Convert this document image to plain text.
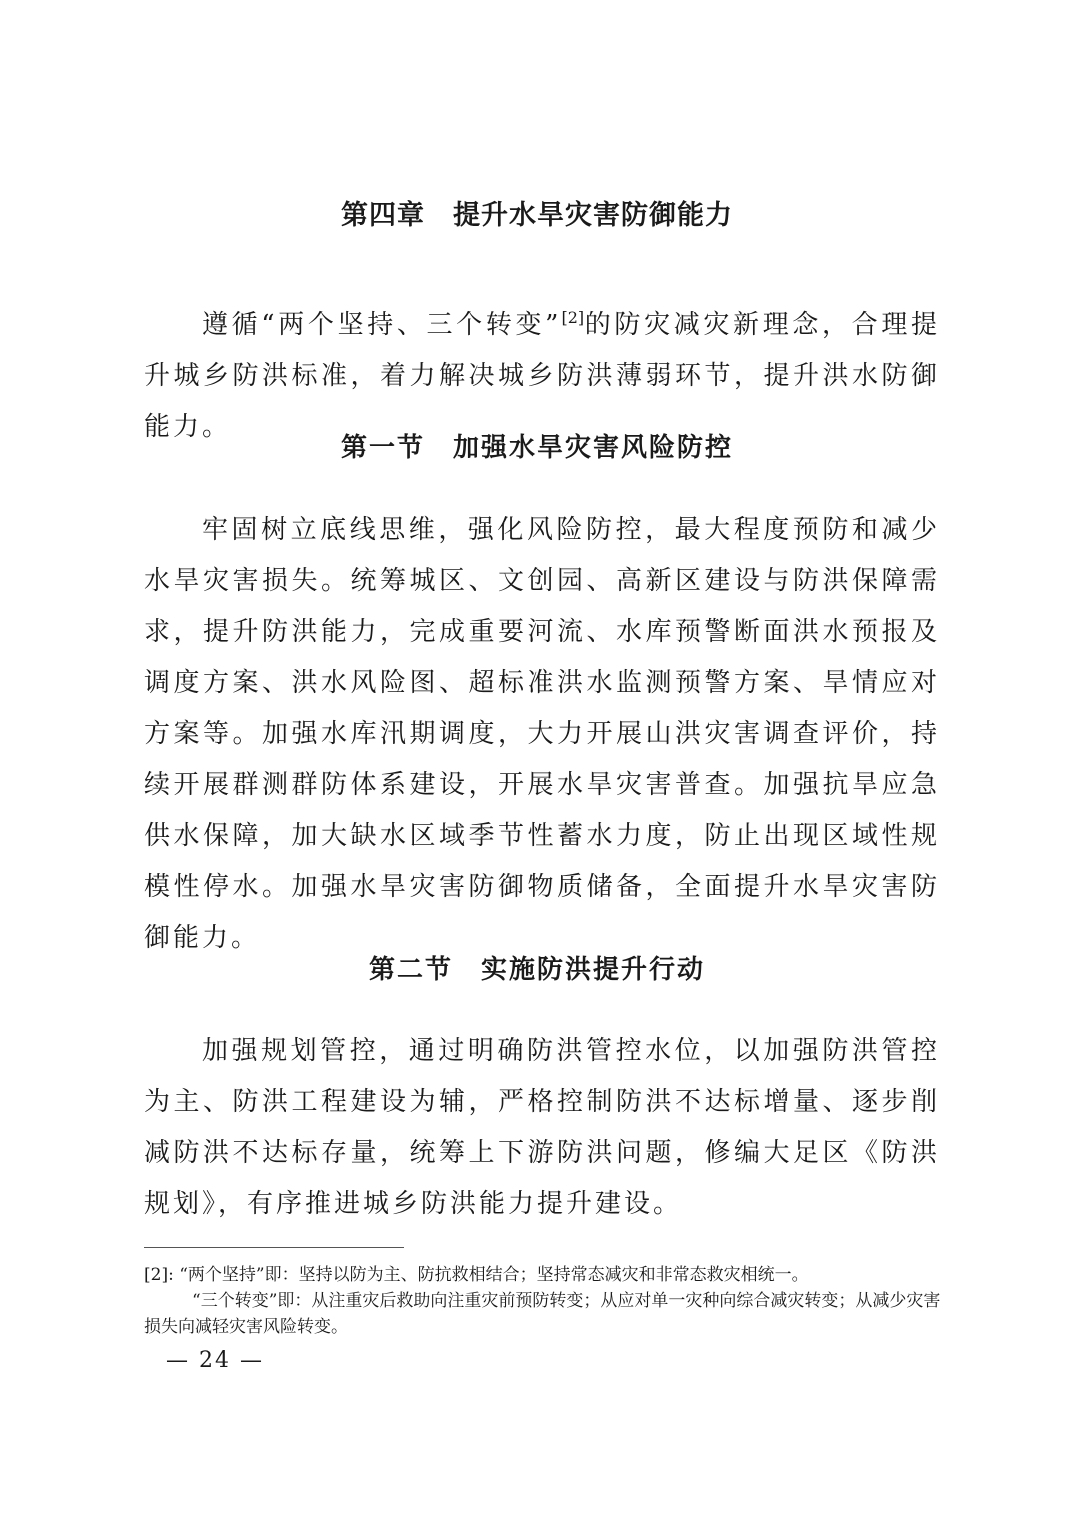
第四章 提升水旱灾害防御能力

遵循“两个坚持、三个转变”[2]的防灾减灾新理念，合理提升城乡防洪标准，着力解决城乡防洪薄弱环节，提升洪水防御能力。

第一节 加强水旱灾害风险防控

牢固树立底线思维，强化风险防控，最大程度预防和减少水旱灾害损失。统筹城区、文创园、高新区建设与防洪保障需求，提升防洪能力，完成重要河流、水库预警断面洪水预报及调度方案、洪水风险图、超标准洪水监测预警方案、旱情应对方案等。加强水库汛期调度，大力开展山洪灾害调查评价，持续开展群测群防体系建设，开展水旱灾害普查。加强抗旱应急供水保障，加大缺水区域季节性蓄水力度，防止出现区域性规模性停水。加强水旱灾害防御物质储备，全面提升水旱灾害防御能力。

第二节 实施防洪提升行动

加强规划管控，通过明确防洪管控水位，以加强防洪管控为主、防洪工程建设为辅，严格控制防洪不达标增量、逐步削减防洪不达标存量，统筹上下游防洪问题，修编大足区《防洪规划》，有序推进城乡防洪能力提升建设。

[2]: “两个坚持”即：坚持以防为主、防抗救相结合；坚持常态减灾和非常态救灾相统一。

“三个转变”即：从注重灾后救助向注重灾前预防转变；从应对单一灾种向综合减灾转变；从减少灾害损失向减轻灾害风险转变。

— 24 —
